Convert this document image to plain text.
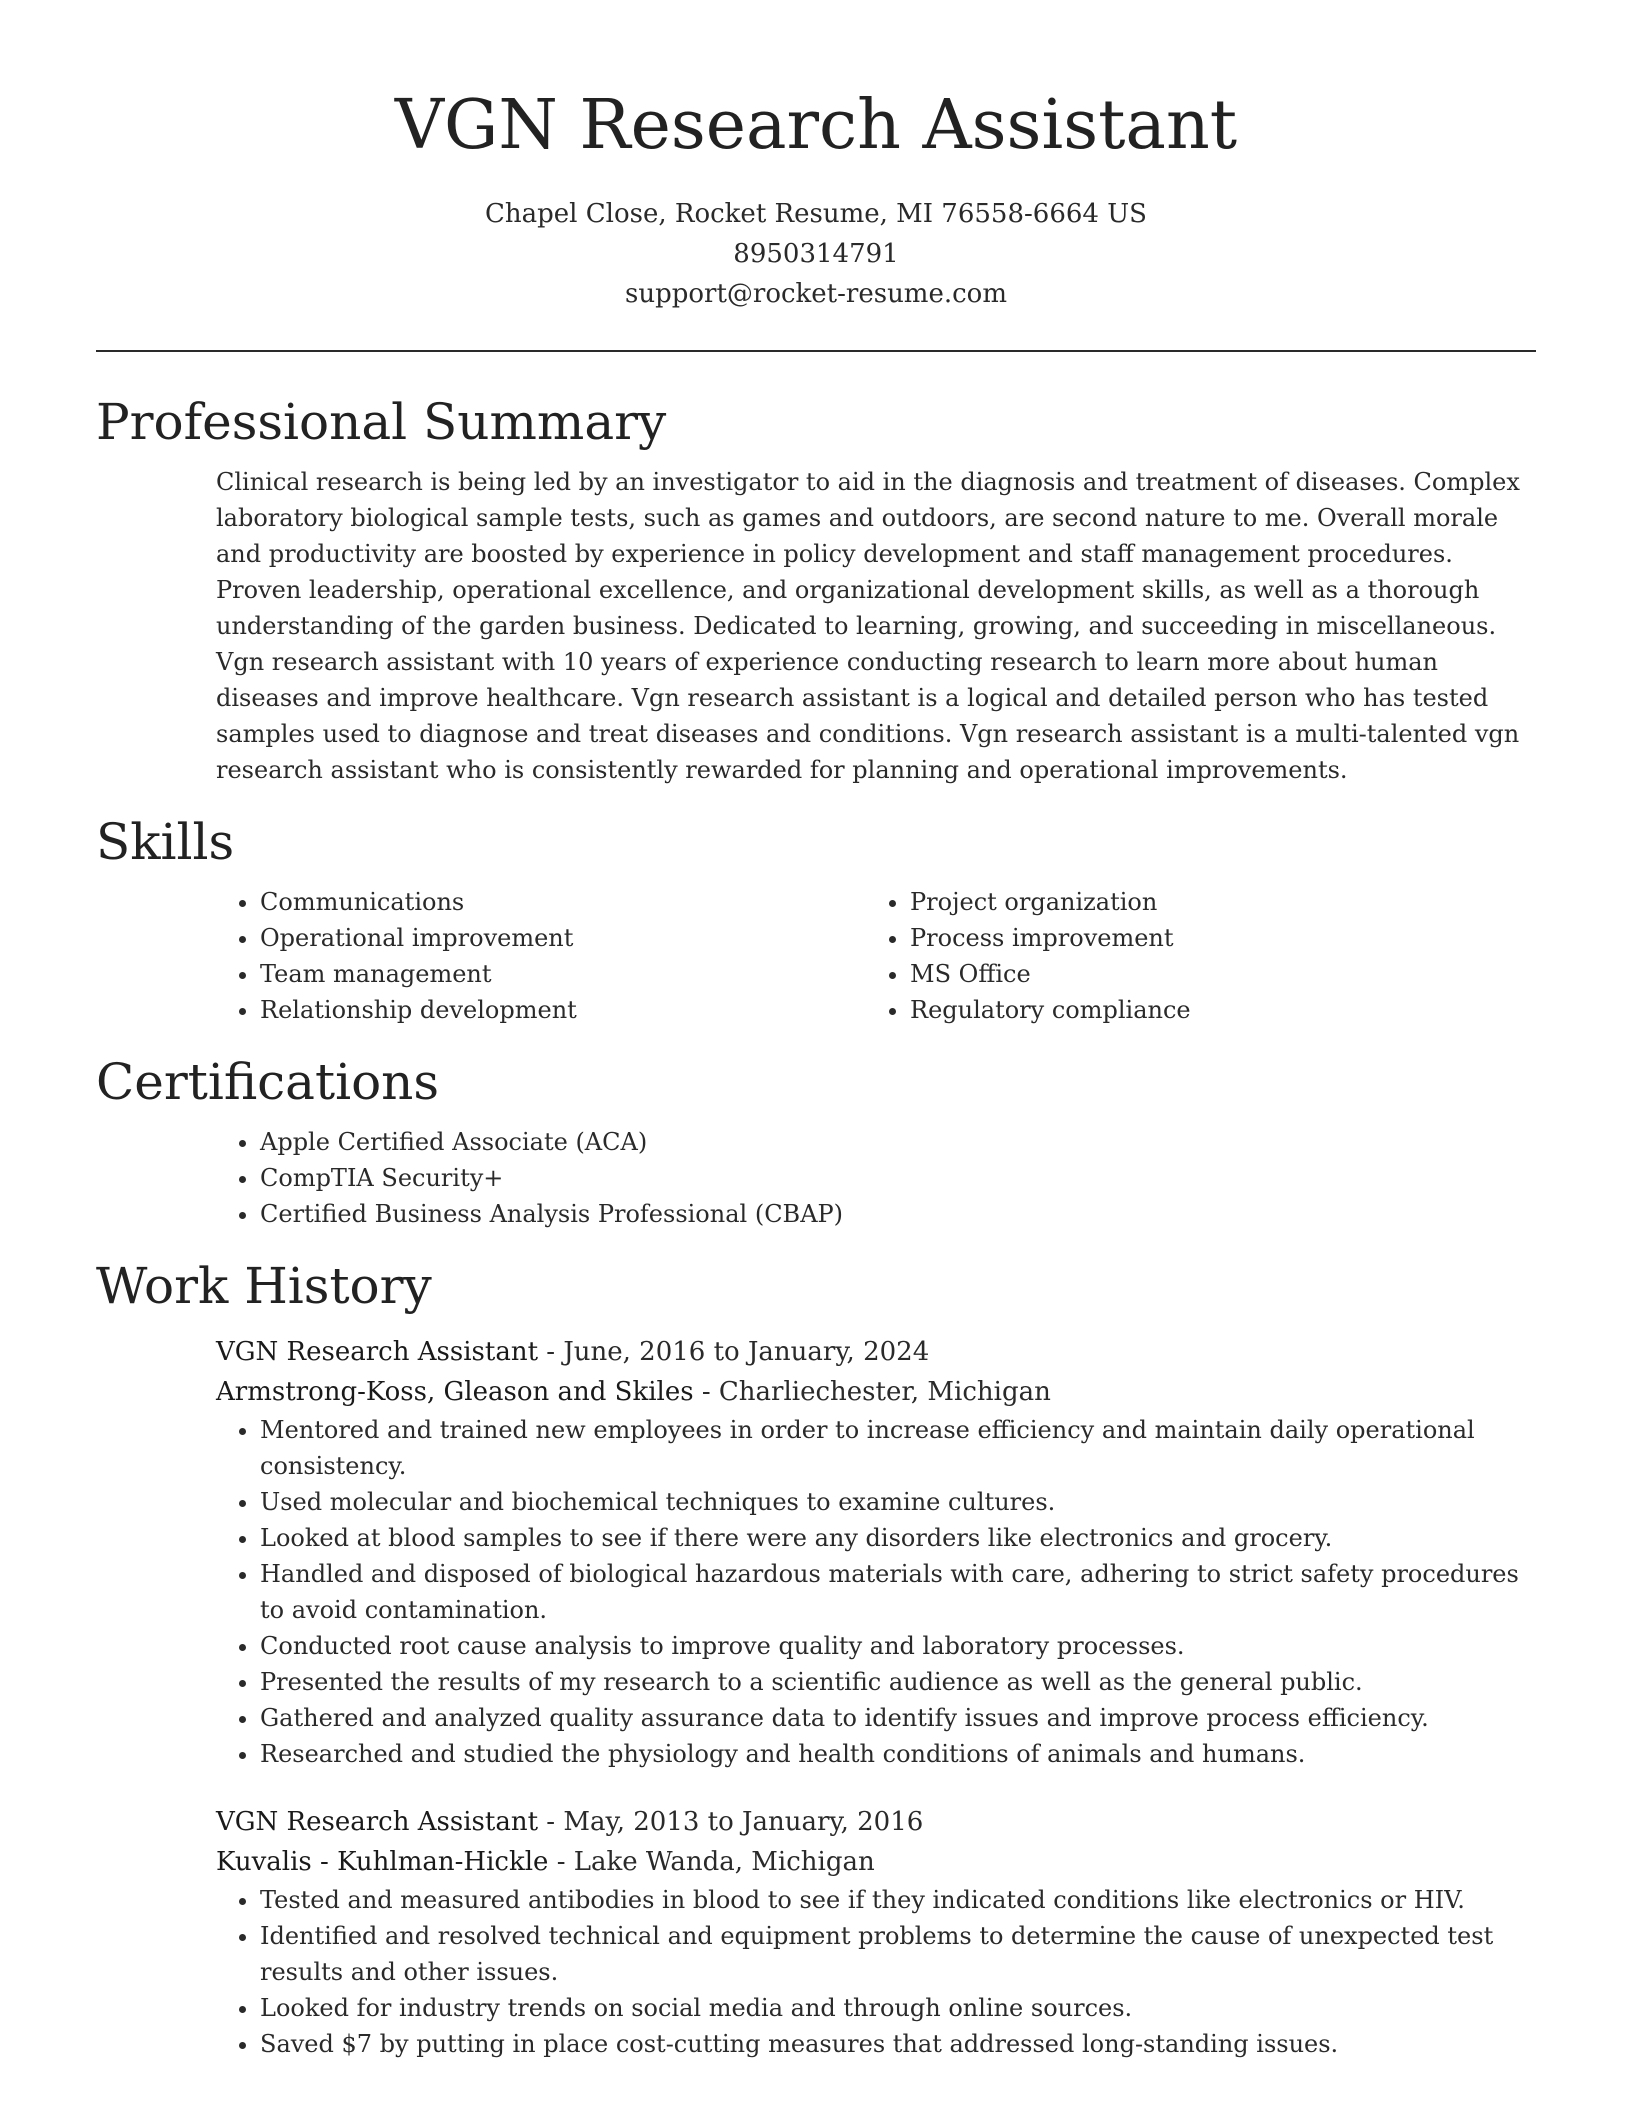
VGN Research Assistant
Chapel Close, Rocket Resume, MI 76558-6664 US
8950314791
support@rocket-resume.com
Professional Summary

Clinical research is being led by an investigator to aid in the diagnosis and treatment of diseases. Complex laboratory biological sample tests, such as games and outdoors, are second nature to me. Overall morale and productivity are boosted by experience in policy development and staff management procedures. Proven leadership, operational excellence, and organizational development skills, as well as a thorough understanding of the garden business. Dedicated to learning, growing, and succeeding in miscellaneous. Vgn research assistant with 10 years of experience conducting research to learn more about human diseases and improve healthcare. Vgn research assistant is a logical and detailed person who has tested samples used to diagnose and treat diseases and conditions. Vgn research assistant is a multi-talented vgn research assistant who is consistently rewarded for planning and operational improvements.

Skills
• Communications
• Operational improvement
• Team management
• Relationship development
• Project organization
• Process improvement
• MS Office
• Regulatory compliance
Certifications
• Apple Certified Associate (ACA)
• CompTIA Security+
• Certified Business Analysis Professional (CBAP)
Work History
VGN Research Assistant - June, 2016 to January, 2024
Armstrong-Koss, Gleason and Skiles - Charliechester, Michigan
• Mentored and trained new employees in order to increase efficiency and maintain daily operational consistency.
• Used molecular and biochemical techniques to examine cultures.
• Looked at blood samples to see if there were any disorders like electronics and grocery.
• Handled and disposed of biological hazardous materials with care, adhering to strict safety procedures to avoid contamination.
• Conducted root cause analysis to improve quality and laboratory processes.
• Presented the results of my research to a scientific audience as well as the general public.
• Gathered and analyzed quality assurance data to identify issues and improve process efficiency.
• Researched and studied the physiology and health conditions of animals and humans.
VGN Research Assistant - May, 2013 to January, 2016
Kuvalis - Kuhlman-Hickle - Lake Wanda, Michigan
• Tested and measured antibodies in blood to see if they indicated conditions like electronics or HIV.
• Identified and resolved technical and equipment problems to determine the cause of unexpected test results and other issues.
• Looked for industry trends on social media and through online sources.
• Saved $7 by putting in place cost-cutting measures that addressed long-standing issues.
